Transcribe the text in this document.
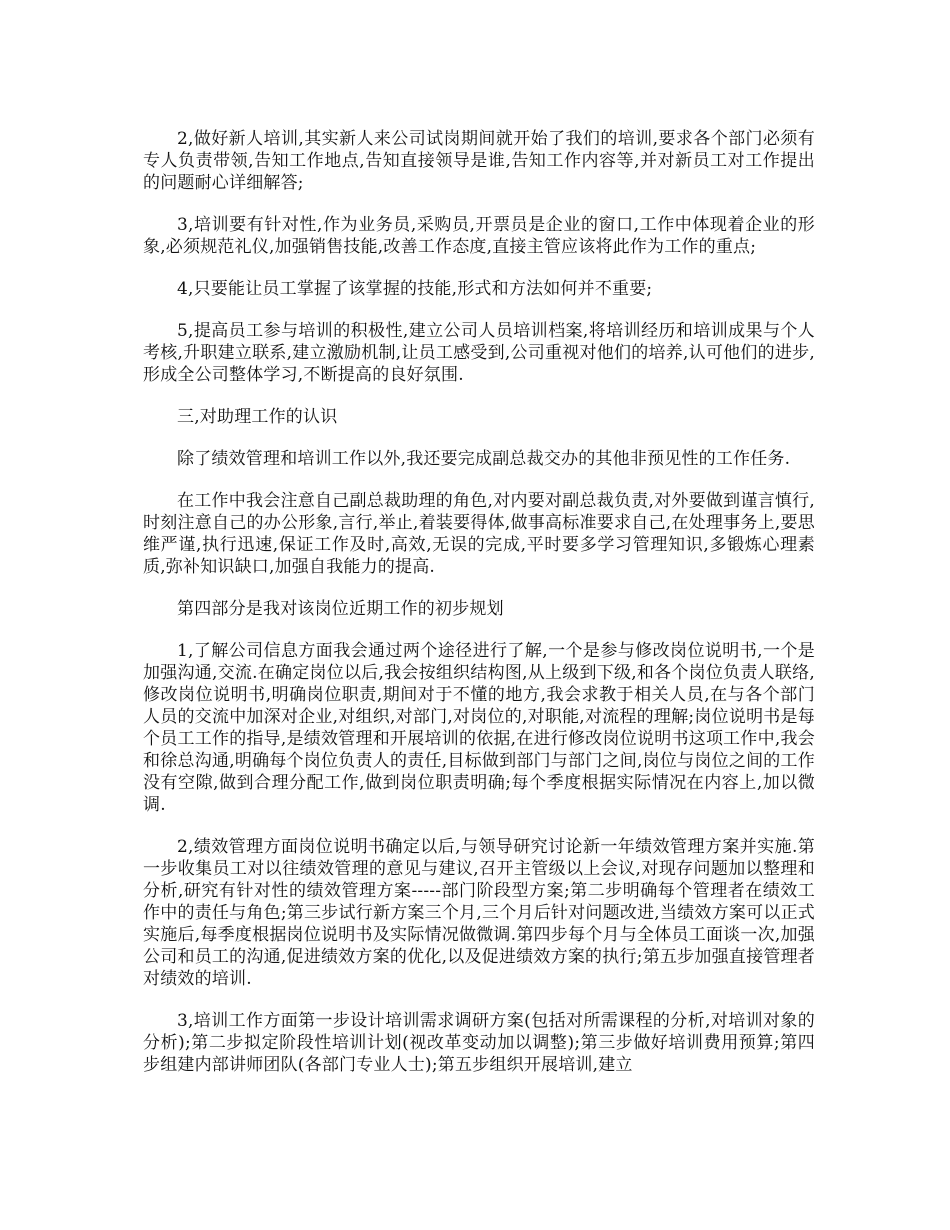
2,做好新人培训,其实新人来公司试岗期间就开始了我们的培训,要求各个部门必须有专人负责带领,告知工作地点,告知直接领导是谁,告知工作内容等,并对新员工对工作提出的问题耐心详细解答;

3,培训要有针对性,作为业务员,采购员,开票员是企业的窗口,工作中体现着企业的形象,必须规范礼仪,加强销售技能,改善工作态度,直接主管应该将此作为工作的重点;

4,只要能让员工掌握了该掌握的技能,形式和方法如何并不重要;

5,提高员工参与培训的积极性,建立公司人员培训档案,将培训经历和培训成果与个人考核,升职建立联系,建立激励机制,让员工感受到,公司重视对他们的培养,认可他们的进步,形成全公司整体学习,不断提高的良好氛围.

三,对助理工作的认识

除了绩效管理和培训工作以外,我还要完成副总裁交办的其他非预见性的工作任务.

在工作中我会注意自己副总裁助理的角色,对内要对副总裁负责,对外要做到谨言慎行,时刻注意自己的办公形象,言行,举止,着装要得体,做事高标准要求自己,在处理事务上,要思维严谨,执行迅速,保证工作及时,高效,无误的完成,平时要多学习管理知识,多锻炼心理素质,弥补知识缺口,加强自我能力的提高.

第四部分是我对该岗位近期工作的初步规划

1,了解公司信息方面我会通过两个途径进行了解,一个是参与修改岗位说明书,一个是加强沟通,交流.在确定岗位以后,我会按组织结构图,从上级到下级,和各个岗位负责人联络,修改岗位说明书,明确岗位职责,期间对于不懂的地方,我会求教于相关人员,在与各个部门人员的交流中加深对企业,对组织,对部门,对岗位的,对职能,对流程的理解;岗位说明书是每个员工工作的指导,是绩效管理和开展培训的依据,在进行修改岗位说明书这项工作中,我会和徐总沟通,明确每个岗位负责人的责任,目标做到部门与部门之间,岗位与岗位之间的工作没有空隙,做到合理分配工作,做到岗位职责明确;每个季度根据实际情况在内容上,加以微调.

2,绩效管理方面岗位说明书确定以后,与领导研究讨论新一年绩效管理方案并实施.第一步收集员工对以往绩效管理的意见与建议,召开主管级以上会议,对现存问题加以整理和分析,研究有针对性的绩效管理方案-----部门阶段型方案;第二步明确每个管理者在绩效工作中的责任与角色;第三步试行新方案三个月,三个月后针对问题改进,当绩效方案可以正式实施后,每季度根据岗位说明书及实际情况做微调.第四步每个月与全体员工面谈一次,加强公司和员工的沟通,促进绩效方案的优化,以及促进绩效方案的执行;第五步加强直接管理者对绩效的培训.

3,培训工作方面第一步设计培训需求调研方案(包括对所需课程的分析,对培训对象的分析);第二步拟定阶段性培训计划(视改革变动加以调整);第三步做好培训费用预算;第四步组建内部讲师团队(各部门专业人士);第五步组织开展培训,建立
